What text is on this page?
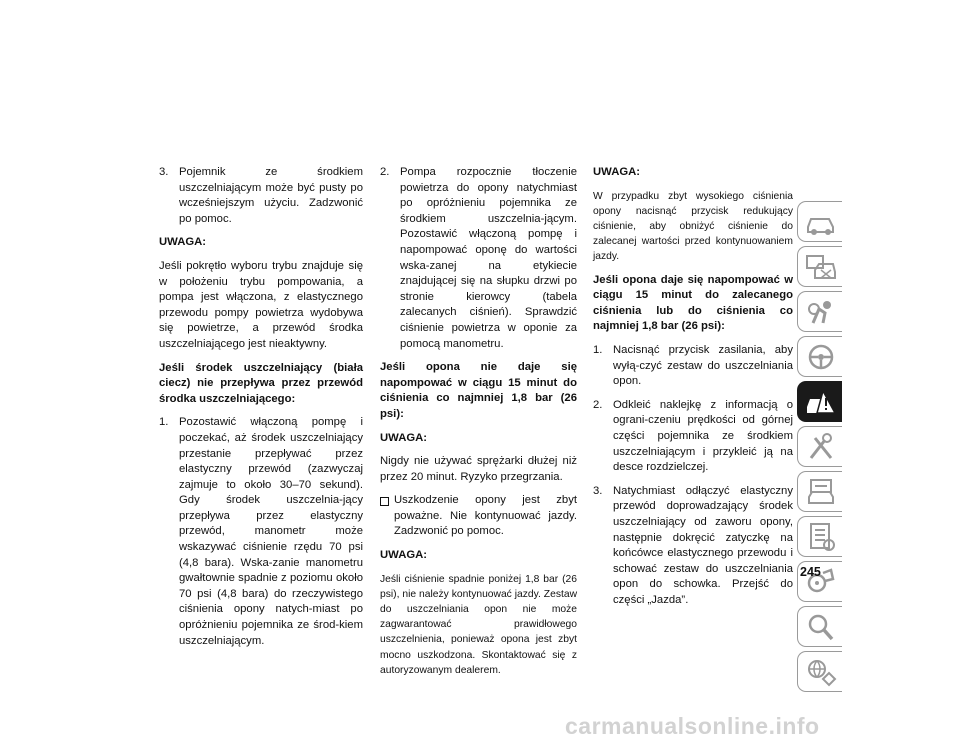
3. Pojemnik ze środkiem uszczelniającym może być pusty po wcześniejszym użyciu. Zadzwonić po pomoc.

UWAGA:

Jeśli pokrętło wyboru trybu znajduje się w położeniu trybu pompowania, a pompa jest włączona, z elastycznego przewodu pompy powietrza wydobywa się powietrze, a przewód środka uszczelniającego jest nieaktywny.

Jeśli środek uszczelniający (biała ciecz) nie przepływa przez przewód środka uszczelniającego:

1. Pozostawić włączoną pompę i poczekać, aż środek uszczelniający przestanie przepływać przez elastyczny przewód (zazwyczaj zajmuje to około 30–70 sekund). Gdy środek uszczelnia-jący przepływa przez elastyczny przewód, manometr może wskazywać ciśnienie rzędu 70 psi (4,8 bara). Wska-zanie manometru gwałtownie spadnie z poziomu około 70 psi (4,8 bara) do rzeczywistego ciśnienia opony natych-miast po opróżnieniu pojemnika ze środ-kiem uszczelniającym.
2. Pompa rozpocznie tłoczenie powietrza do opony natychmiast po opróżnieniu pojemnika ze środkiem uszczelnia-jącym. Pozostawić włączoną pompę i napompować oponę do wartości wska-zanej na etykiecie znajdującej się na słupku drzwi po stronie kierowcy (tabela zalecanych ciśnień). Sprawdzić ciśnienie powietrza w oponie za pomocą manometru.

Jeśli opona nie daje się napompować w ciągu 15 minut do ciśnienia co najmniej 1,8 bar (26 psi):

UWAGA:

Nigdy nie używać sprężarki dłużej niż przez 20 minut. Ryzyko przegrzania.

Uszkodzenie opony jest zbyt poważne. Nie kontynuować jazdy. Zadzwonić po pomoc.

UWAGA:

Jeśli ciśnienie spadnie poniżej 1,8 bar (26 psi), nie należy kontynuować jazdy. Zestaw do uszczelniania opon nie może zagwarantować prawidłowego uszczelnienia, ponieważ opona jest zbyt mocno uszkodzona. Skontaktować się z autoryzowanym dealerem.

UWAGA:

W przypadku zbyt wysokiego ciśnienia opony nacisnąć przycisk redukujący ciśnienie, aby obniżyć ciśnienie do zalecanej wartości przed kontynuowaniem jazdy.

Jeśli opona daje się napompować w ciągu 15 minut do zalecanego ciśnienia lub do ciśnienia co najmniej 1,8 bar (26 psi):

1. Nacisnąć przycisk zasilania, aby wyłą-czyć zestaw do uszczelniania opon.
2. Odkleić naklejkę z informacją o ograni-czeniu prędkości od górnej części pojemnika ze środkiem uszczelniającym i przykleić ją na desce rozdzielczej.
3. Natychmiast odłączyć elastyczny przewód doprowadzający środek uszczelniający od zaworu opony, następnie dokręcić zatyczkę na końcówce elastycznego przewodu i schować zestaw do uszczelniania opon do schowka. Przejść do części „Jazda”.
245
carmanualsonline.info
